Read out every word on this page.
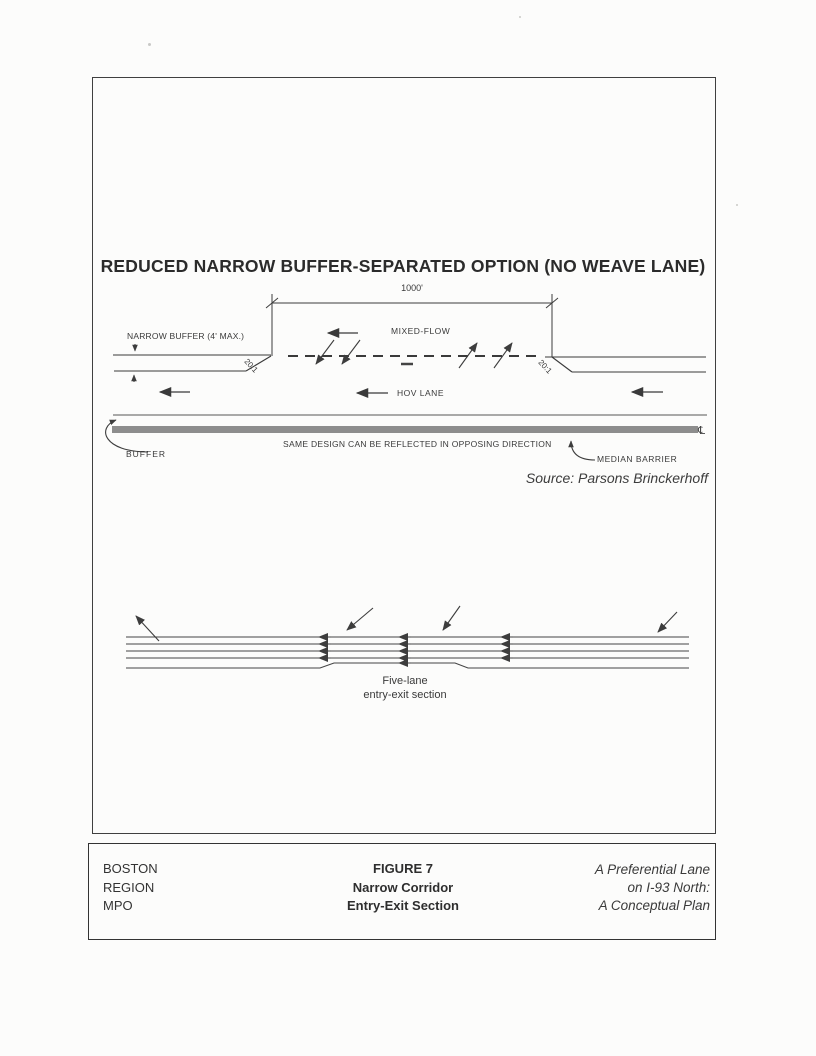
REDUCED NARROW BUFFER-SEPARATED OPTION (NO WEAVE LANE)
1000'
NARROW BUFFER (4' MAX.)	MIXED-FLOW
HOV LANE
20:1	20:1
BUFFER
SAME DESIGN CAN BE REFLECTED IN OPPOSING DIRECTION
MEDIAN BARRIER
℄
Source: Parsons Brinckerhoff
Five-lane
entry-exit section
BOSTON
REGION
MPO
FIGURE 7
Narrow Corridor
Entry-Exit Section
A Preferential Lane
on I-93 North:
A Conceptual Plan
